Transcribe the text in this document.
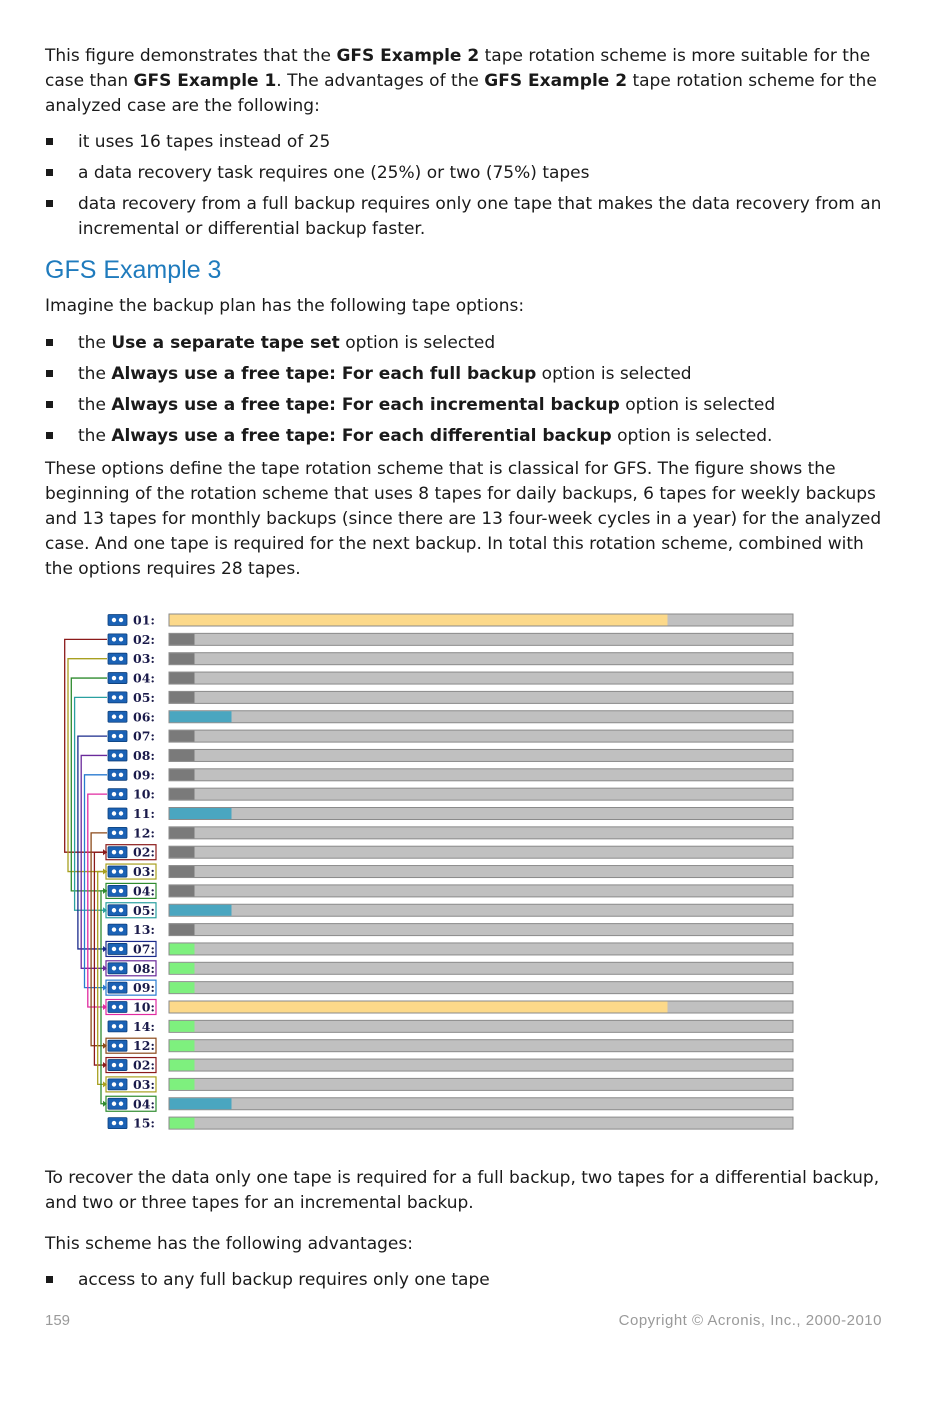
This figure demonstrates that the GFS Example 2 tape rotation scheme is more suitable for the case than GFS Example 1. The advantages of the GFS Example 2 tape rotation scheme for the analyzed case are the following:

it uses 16 tapes instead of 25
a data recovery task requires one (25%) or two (75%) tapes
data recovery from a full backup requires only one tape that makes the data recovery from an incremental or differential backup faster.
GFS Example 3

Imagine the backup plan has the following tape options:

the Use a separate tape set option is selected
the Always use a free tape: For each full backup option is selected
the Always use a free tape: For each incremental backup option is selected
the Always use a free tape: For each differential backup option is selected.

These options define the tape rotation scheme that is classical for GFS. The figure shows the beginning of the rotation scheme that uses 8 tapes for daily backups, 6 tapes for weekly backups and 13 tapes for monthly backups (since there are 13 four-week cycles in a year) for the analyzed case. And one tape is required for the next backup. In total this rotation scheme, combined with the options requires 28 tapes.

01:
02:
03:
04:
05:
06:
07:
08:
09:
10:
11:
12:
02:
03:
04:
05:
13:
07:
08:
09:
10:
14:
12:
02:
03:
04:
15:

To recover the data only one tape is required for a full backup, two tapes for a differential backup, and two or three tapes for an incremental backup.

This scheme has the following advantages:

access to any full backup requires only one tape
159	Copyright © Acronis, Inc., 2000-2010
